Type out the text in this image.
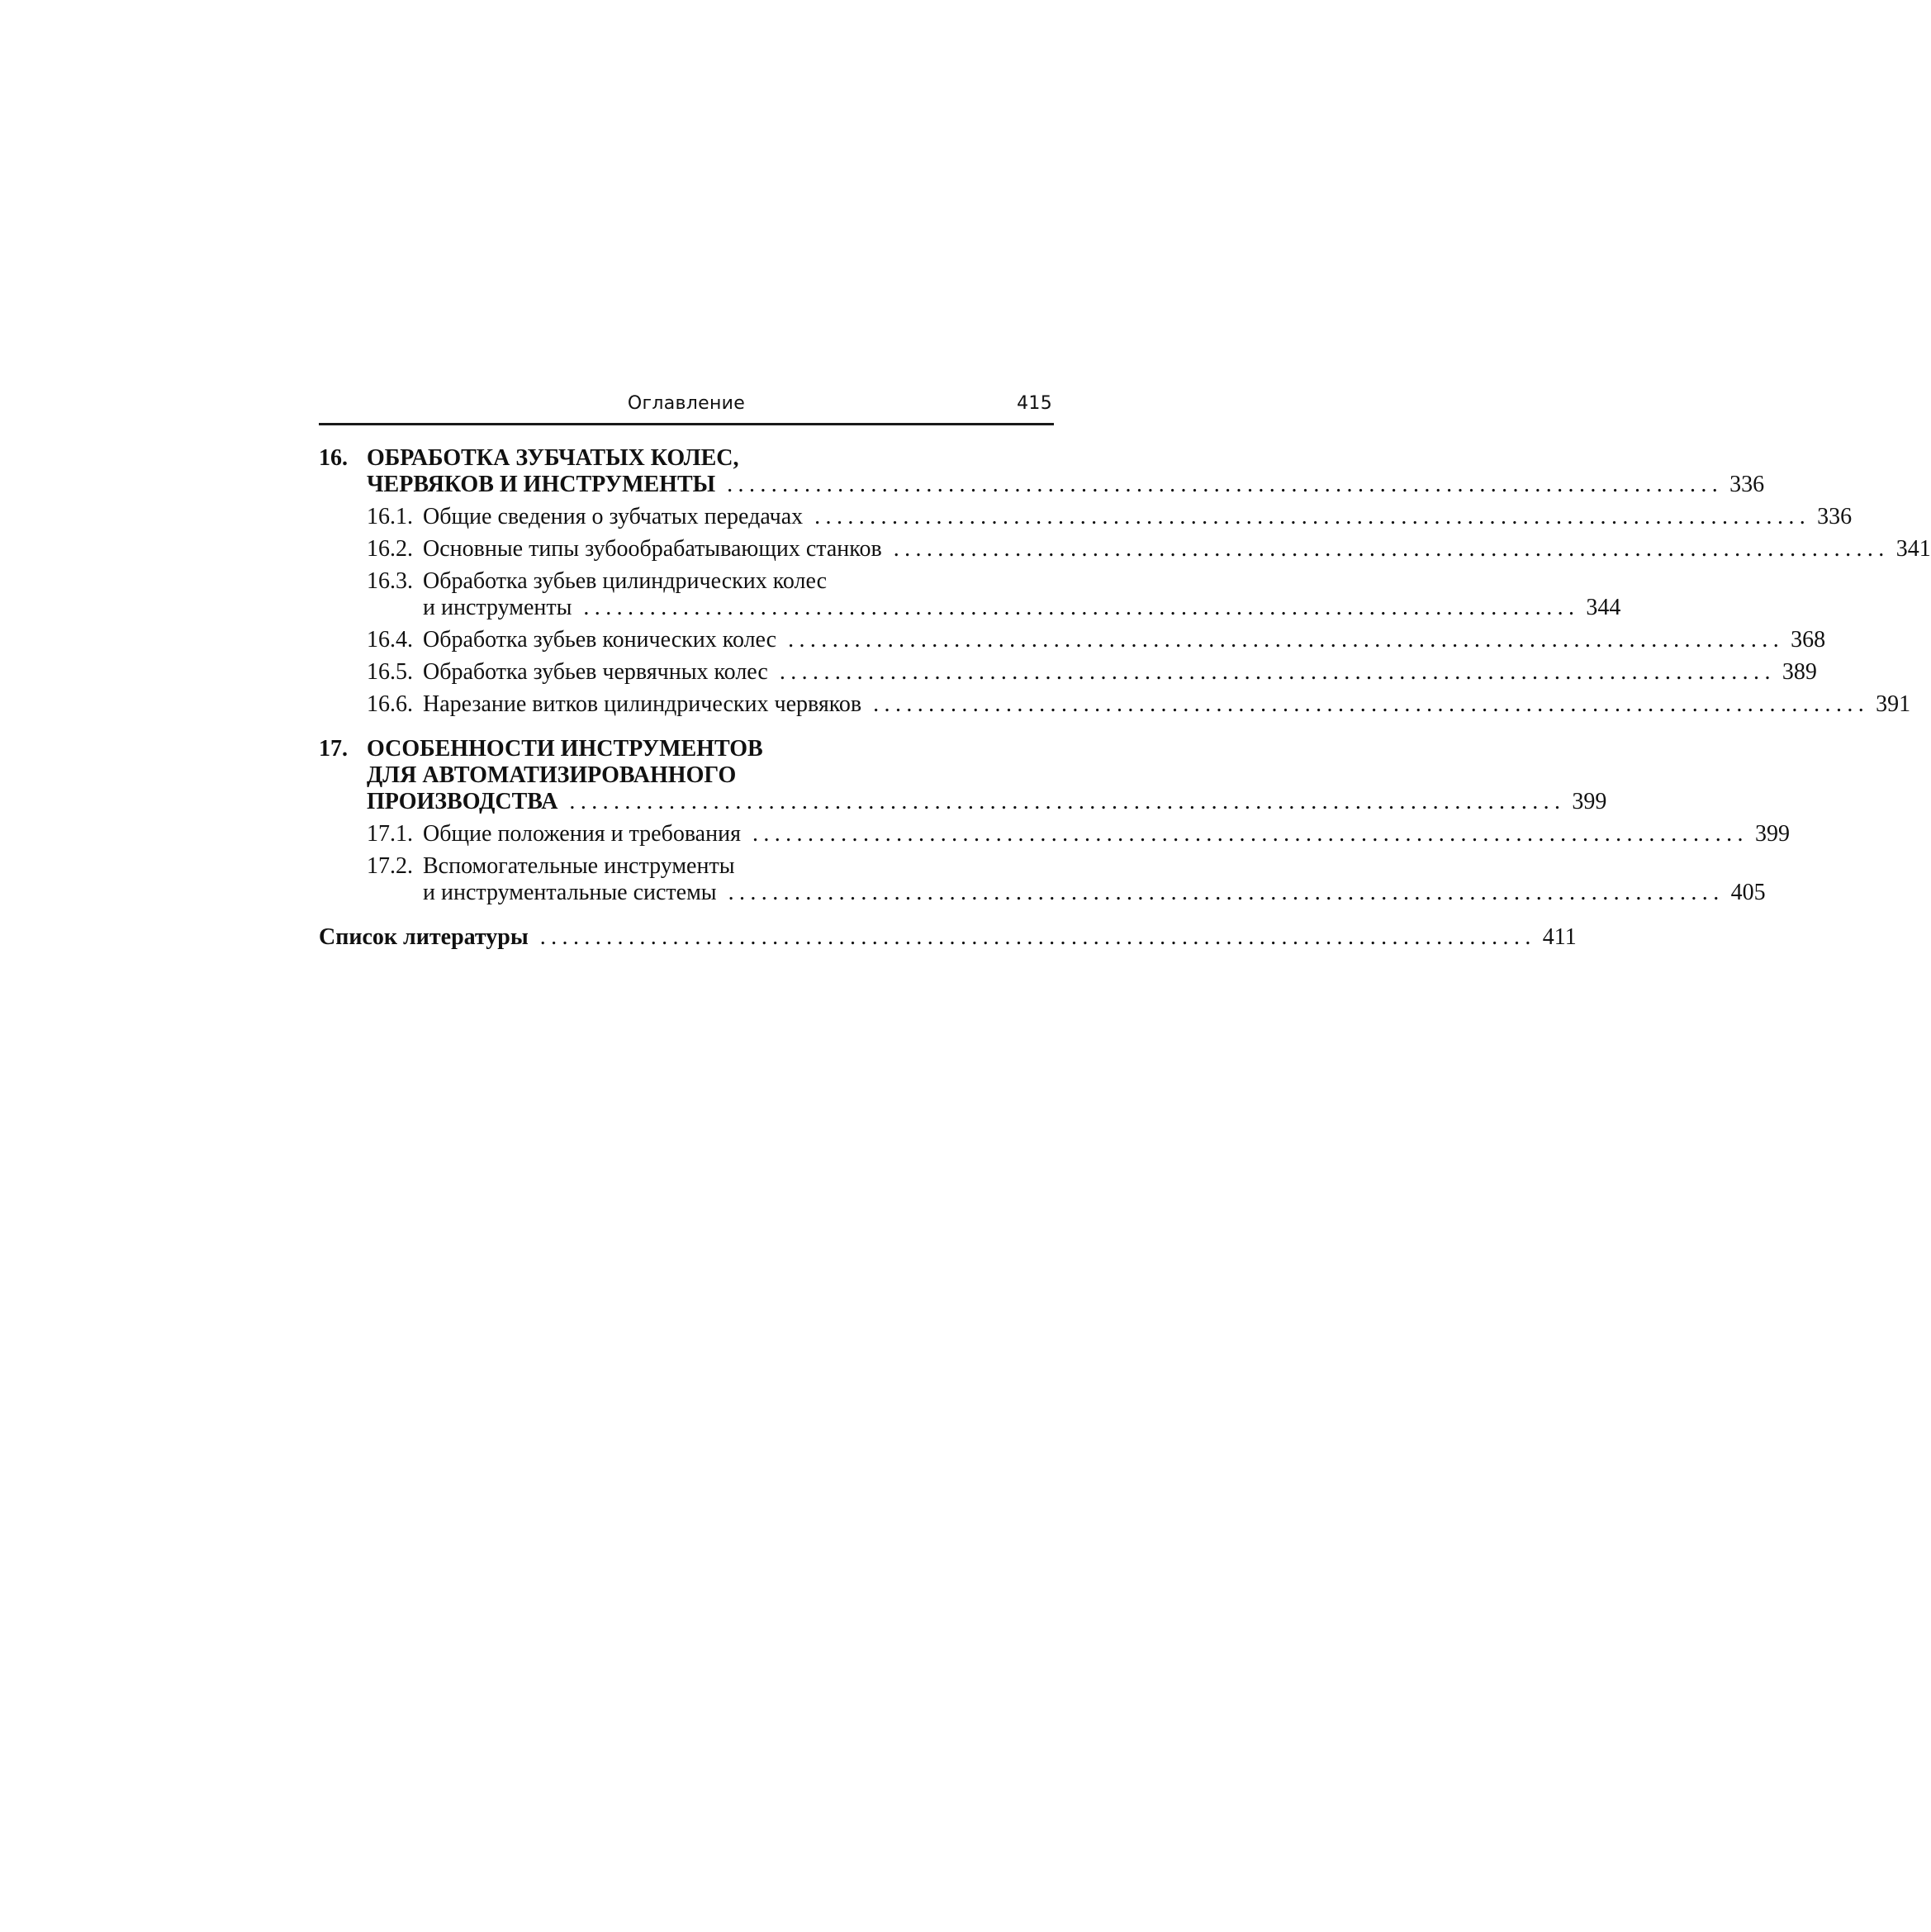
Оглавление	415
16. ОБРАБОТКА ЗУБЧАТЫХ КОЛЕС,
ЧЕРВЯКОВ И ИНСТРУМЕНТЫ .......................................................................................... 336
16.1. Общие сведения о зубчатых передачах .......................................................................................... 336
16.2. Основные типы зубообрабатывающих станков .......................................................................................... 341
16.3. Обработка зубьев цилиндрических колес
и инструменты .......................................................................................... 344
16.4. Обработка зубьев конических колес .......................................................................................... 368
16.5. Обработка зубьев червячных колес .......................................................................................... 389
16.6. Нарезание витков цилиндрических червяков .......................................................................................... 391
17. ОСОБЕННОСТИ ИНСТРУМЕНТОВ
ДЛЯ АВТОМАТИЗИРОВАННОГО
ПРОИЗВОДСТВА .......................................................................................... 399
17.1. Общие положения и требования .......................................................................................... 399
17.2. Вспомогательные инструменты
и инструментальные системы .......................................................................................... 405
Список литературы .......................................................................................... 411
